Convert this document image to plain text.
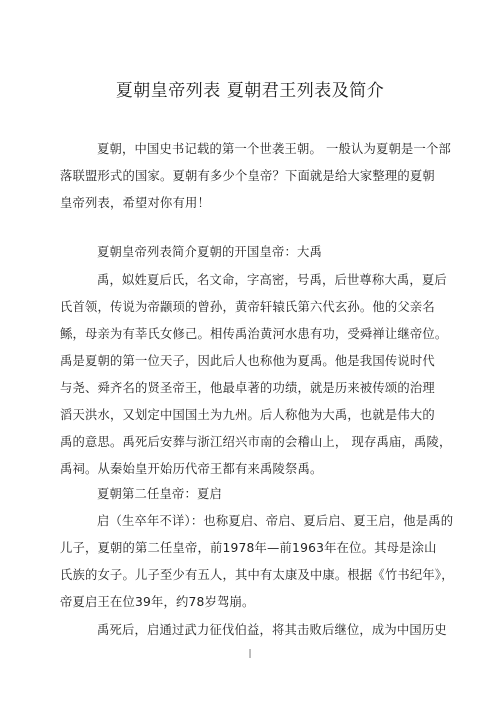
夏朝皇帝列表 夏朝君王列表及简介
夏朝，中国史书记载的第一个世袭王朝。 一般认为夏朝是一个部
落联盟形式的国家。夏朝有多少个皇帝？下面就是给大家整理的夏朝
皇帝列表，希望对你有用！
夏朝皇帝列表简介夏朝的开国皇帝：大禹
禹，姒姓夏后氏，名文命，字高密，号禹，后世尊称大禹，夏后
氏首领，传说为帝颛顼的曾孙，黄帝轩辕氏第六代玄孙。他的父亲名
鲧，母亲为有莘氏女修己。相传禹治黄河水患有功，受舜禅让继帝位。
禹是夏朝的第一位天子，因此后人也称他为夏禹。他是我国传说时代
与尧、舜齐名的贤圣帝王，他最卓著的功绩，就是历来被传颂的治理
滔天洪水，又划定中国国土为九州。后人称他为大禹，也就是伟大的
禹的意思。禹死后安葬与浙江绍兴市南的会稽山上， 现存禹庙，禹陵，
禹祠。从秦始皇开始历代帝王都有来禹陵祭禹。
夏朝第二任皇帝：夏启
启（生卒年不详）：也称夏启、帝启、夏后启、夏王启，他是禹的
儿子，夏朝的第二任皇帝，前1978年—前1963年在位。其母是涂山
氏族的女子。儿子至少有五人，其中有太康及中康。根据《竹书纪年》，
帝夏启王在位39年，约78岁驾崩。
禹死后，启通过武力征伐伯益，将其击败后继位，成为中国历史
|
